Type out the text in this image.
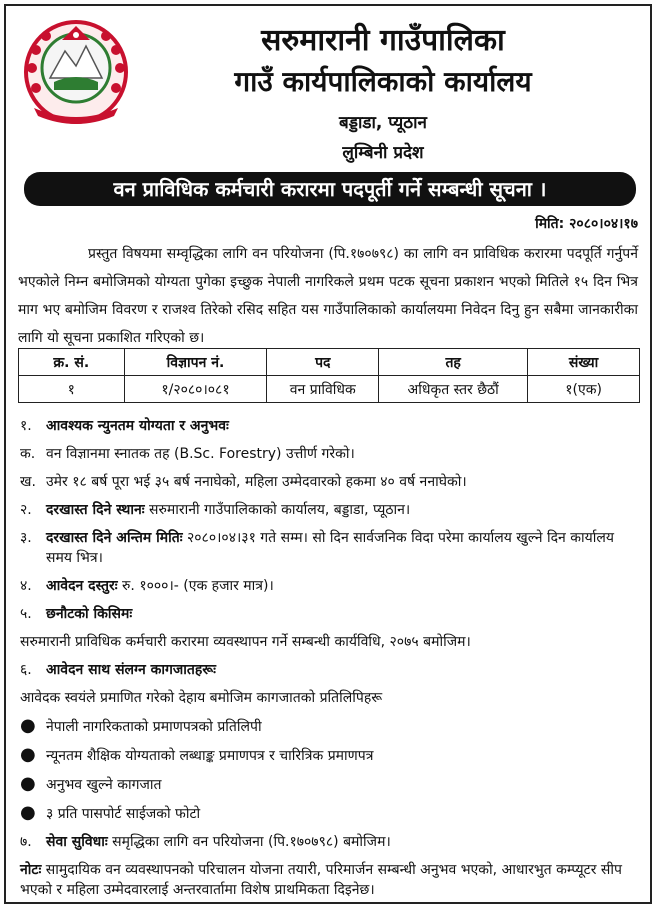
सरुमारानी गाउँपालिका
गाउँ कार्यपालिकाको कार्यालय
बड्डाडा, प्यूठान
लुम्बिनी प्रदेश
वन प्राविधिक कर्मचारी करारमा पदपूर्ती गर्ने सम्बन्धी सूचना ।
मिति: २०८०।०४।१७

प्रस्तुत विषयमा सम्वृद्धिका लागि वन परियोजना (पि.१७०७९८) का लागि वन प्राविधिक करारमा पदपूर्ति गर्नुपर्ने भएकोले निम्न बमोजिमको योग्यता पुगेका इच्छुक नेपाली नागरिकले प्रथम पटक सूचना प्रकाशन भएको मितिले १५ दिन भित्र माग भए बमोजिम विवरण र राजश्व तिरेको रसिद सहित यस गाउँपालिकाको कार्यालयमा निवेदन दिनु हुन सबैमा जानकारीका लागि यो सूचना प्रकाशित गरिएको छ।

क्र. सं.	विज्ञापन नं.	पद	तह	संख्या
१	१/२०८०।०८१	वन प्राविधिक	अधिकृत स्तर छैठौं	१(एक)
१. आवश्यक न्युनतम योग्यता र अनुभवः
क. वन विज्ञानमा स्नातक तह (B.Sc. Forestry) उत्तीर्ण गरेको।
ख. उमेर १८ बर्ष पूरा भई ३५ बर्ष ननाघेको, महिला उम्मेदवारको हकमा ४० वर्ष ननाघेको।
२. दरखास्त दिने स्थानः सरुमारानी गाउँपालिकाको कार्यालय, बड्डाडा, प्यूठान।
३. दरखास्त दिने अन्तिम मितिः २०८०।०४।३१ गते सम्म। सो दिन सार्वजनिक विदा परेमा कार्यालय खुल्ने दिन कार्यालय समय भित्र।
४. आवेदन दस्तुरः रु. १०००।- (एक हजार मात्र)।
५. छनौटको किसिमः
सरुमारानी प्राविधिक कर्मचारी करारमा व्यवस्थापन गर्ने सम्बन्धी कार्यविधि, २०७५ बमोजिम।
६. आवेदन साथ संलग्न कागजातहरूः
आवेदक स्वयंले प्रमाणित गरेको देहाय बमोजिम कागजातको प्रतिलिपिहरू
● नेपाली नागरिकताको प्रमाणपत्रको प्रतिलिपी
● न्यूनतम शैक्षिक योग्यताको लब्धाङ्क प्रमाणपत्र र चारित्रिक प्रमाणपत्र
● अनुभव खुल्ने कागजात
● ३ प्रति पासपोर्ट साईजको फोटो
७. सेवा सुविधाः समृद्धिका लागि वन परियोजना (पि.१७०७९८) बमोजिम।
नोटः सामुदायिक वन व्यवस्थापनको परिचालन योजना तयारी, परिमार्जन सम्बन्धी अनुभव भएको, आधारभुत कम्प्यूटर सीप भएको र महिला उम्मेदवारलाई अन्तरवार्तामा विशेष प्राथमिकता दिइनेछ।
